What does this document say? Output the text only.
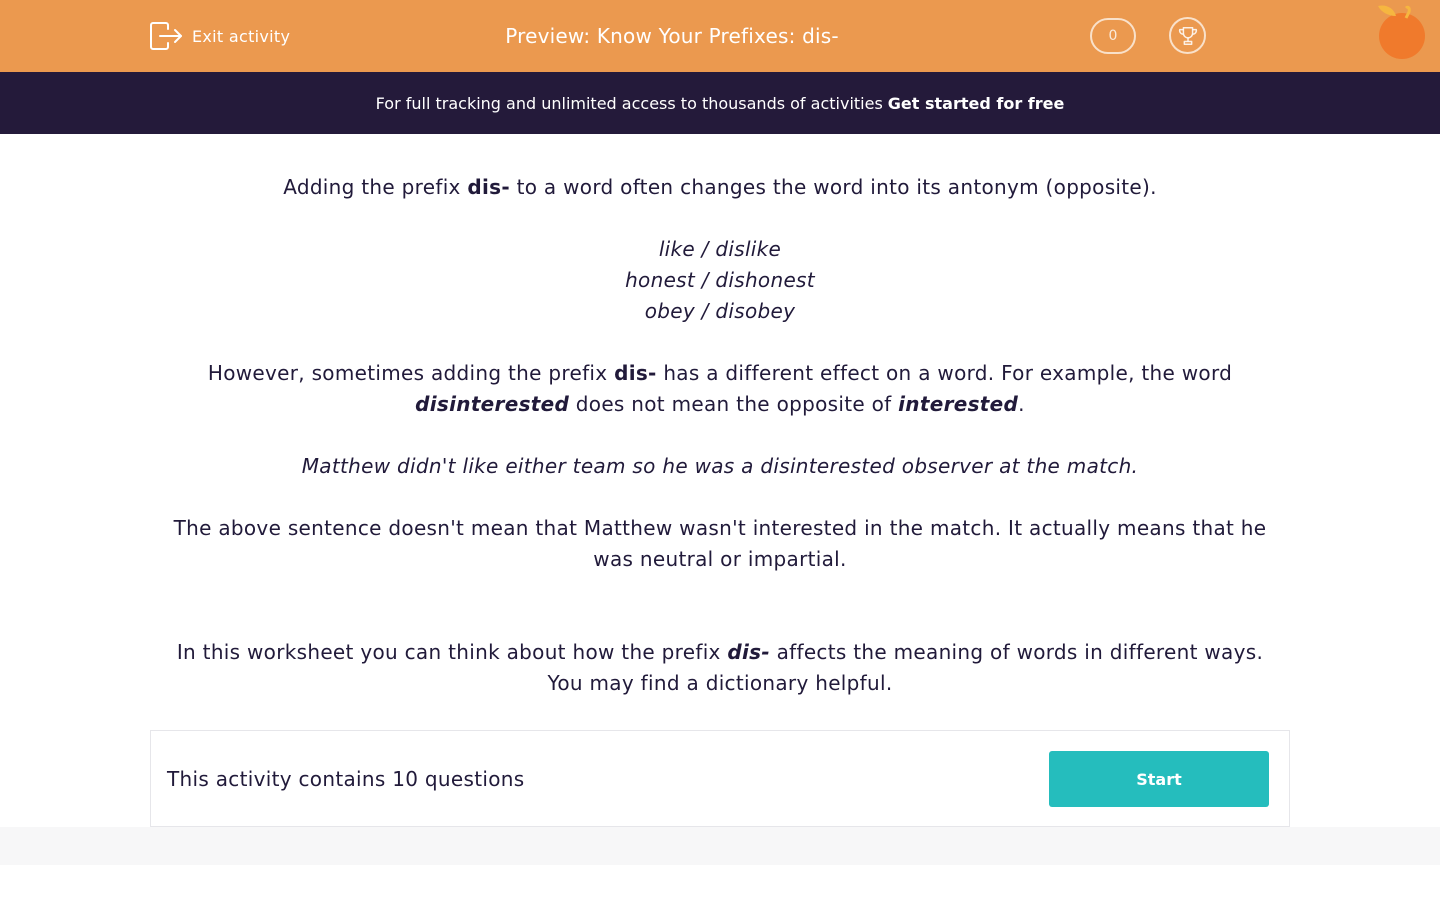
Exit activity	Preview: Know Your Prefixes: dis-	0
For full tracking and unlimited access to thousands of activities Get started for free

Adding the prefix dis- to a word often changes the word into its antonym (opposite).

like / dislike

honest / dishonest

obey / disobey

However, sometimes adding the prefix dis- has a different effect on a word. For example, the word
disinterested does not mean the opposite of interested.

Matthew didn't like either team so he was a disinterested observer at the match.

The above sentence doesn't mean that Matthew wasn't interested in the match. It actually means that he

was neutral or impartial.

In this worksheet you can think about how the prefix dis- affects the meaning of words in different ways.

You may find a dictionary helpful.

This activity contains 10 questions	Start
